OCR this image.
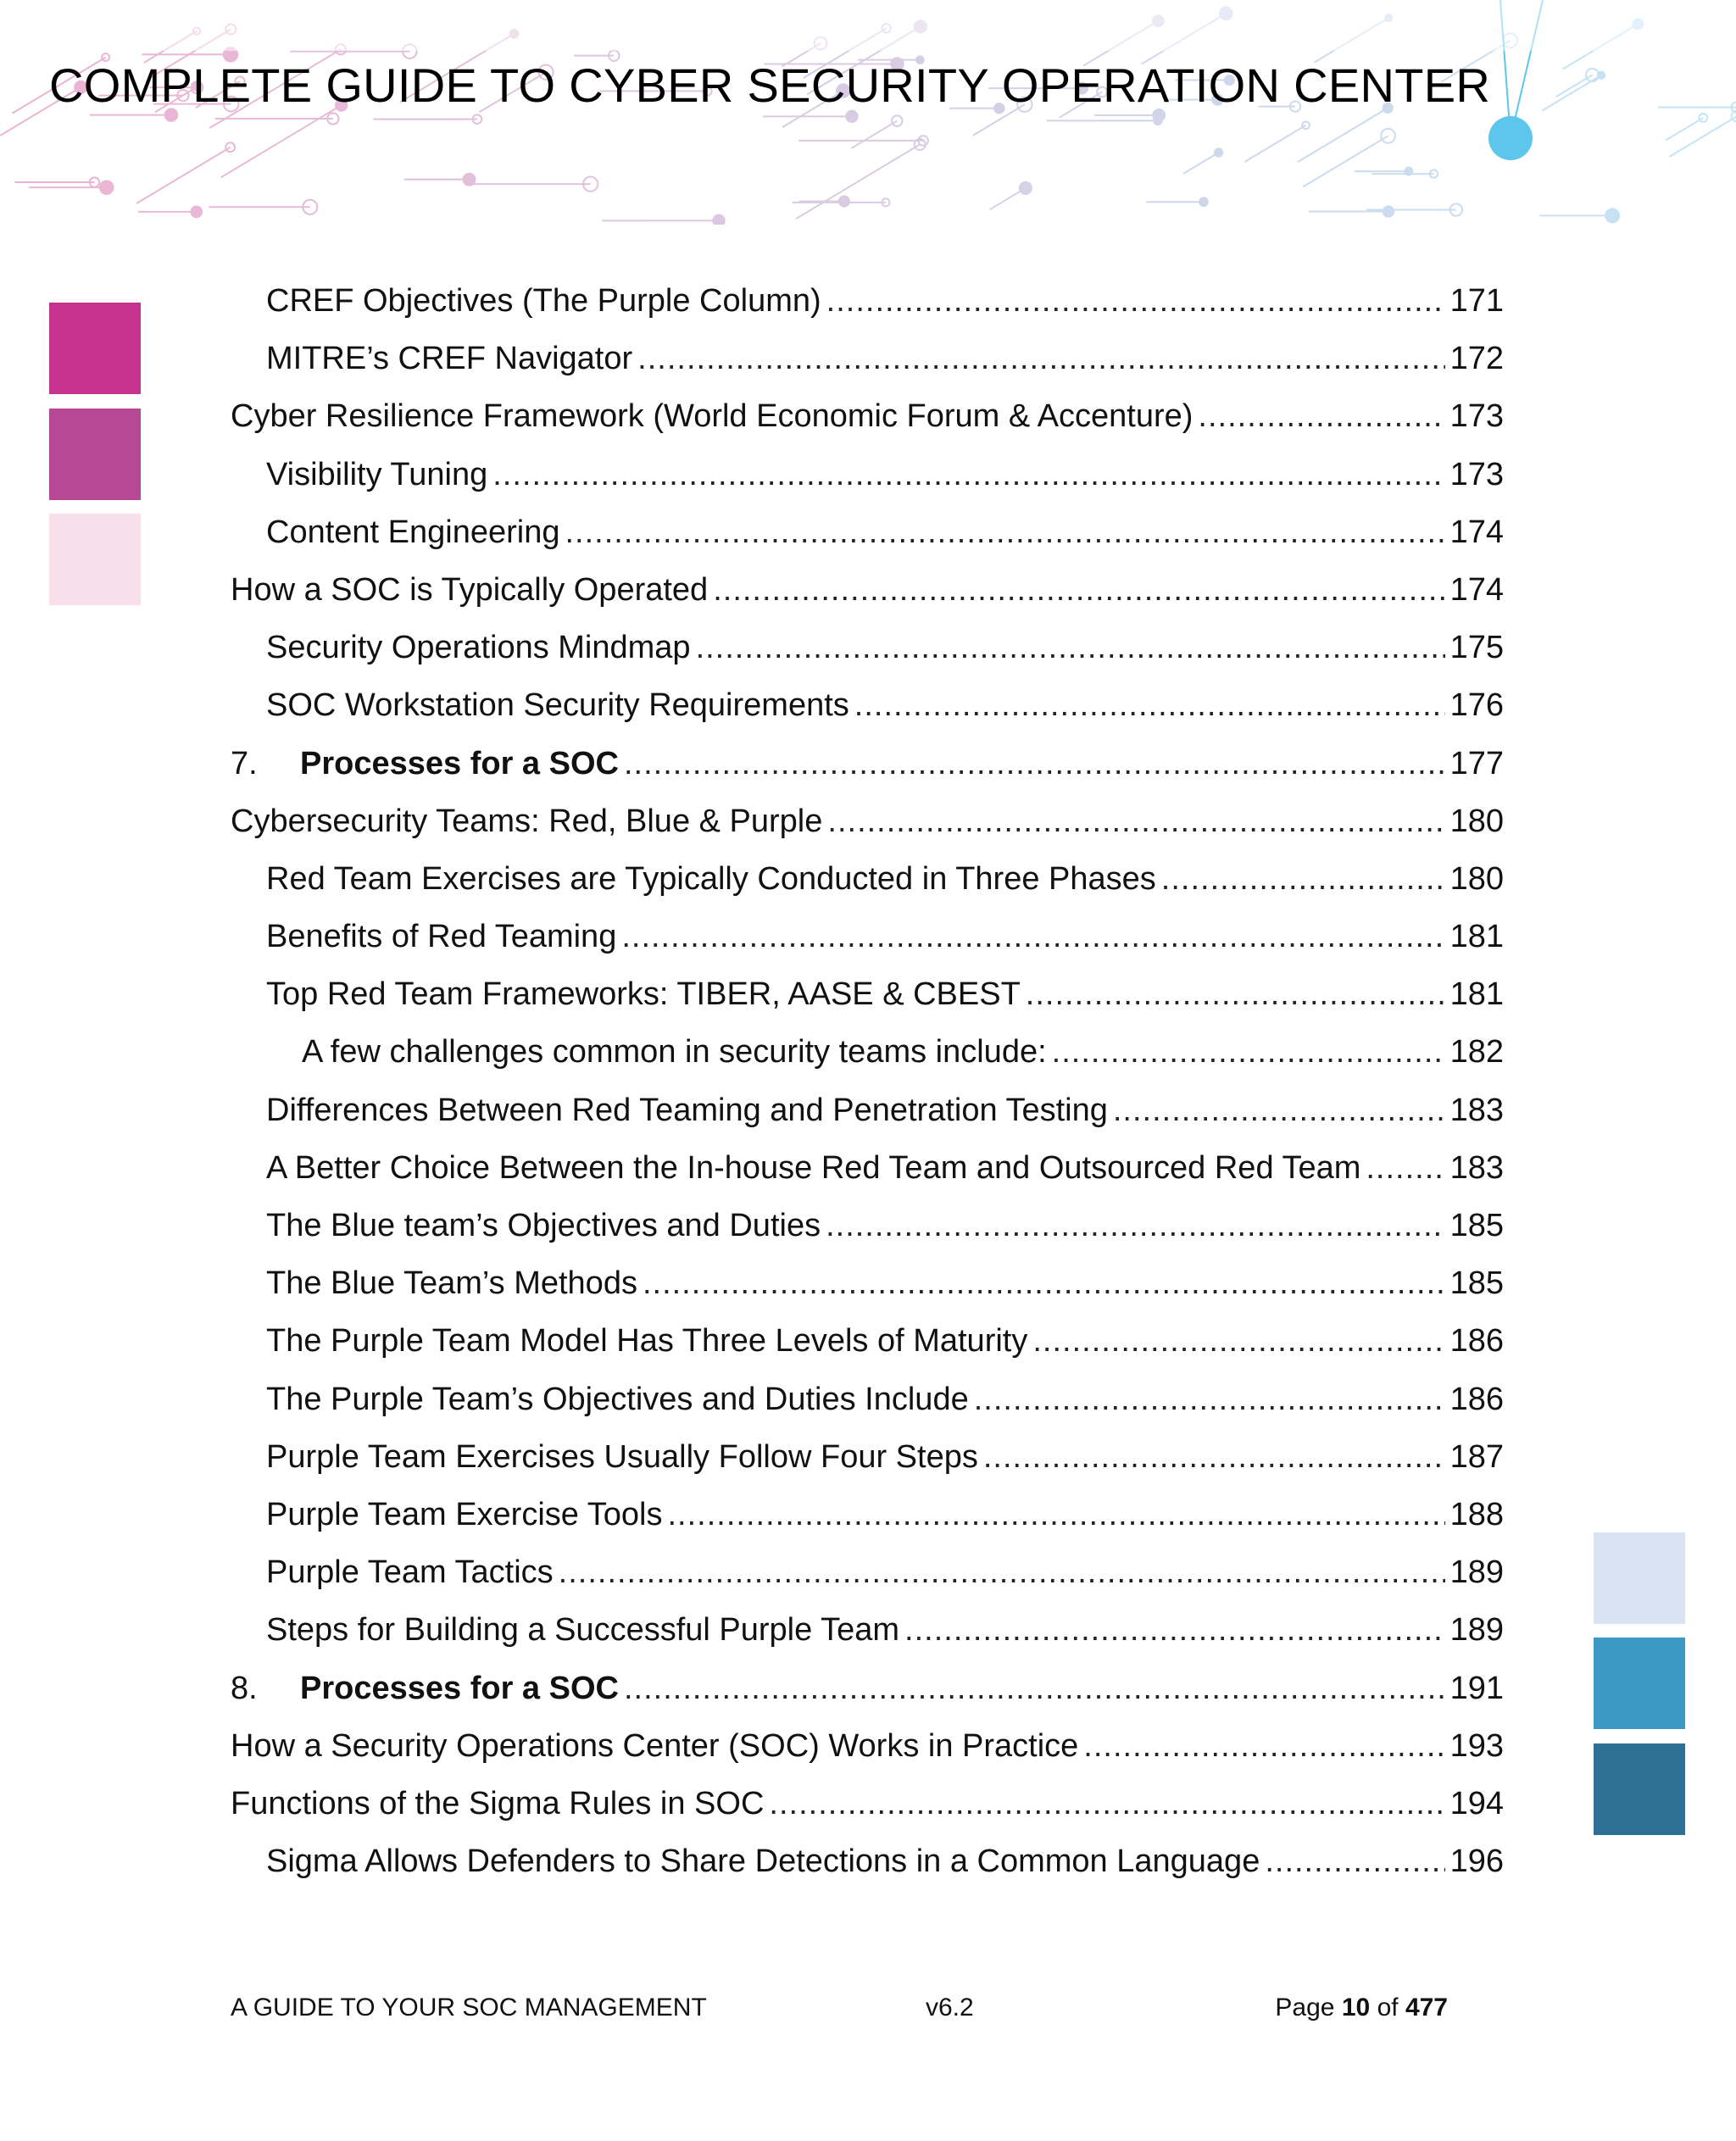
COMPLETE GUIDE TO CYBER SECURITY OPERATION CENTER
CREF Objectives (The Purple Column) .....	171
MITRE’s CREF Navigator .....	172
Cyber Resilience Framework (World Economic Forum & Accenture) .....	173
Visibility Tuning .....	173
Content Engineering .....	174
How a SOC is Typically Operated .....	174
Security Operations Mindmap .....	175
SOC Workstation Security Requirements .....	176
7.	Processes for a SOC .....	177
Cybersecurity Teams: Red, Blue & Purple .....	180
Red Team Exercises are Typically Conducted in Three Phases .....	180
Benefits of Red Teaming .....	181
Top Red Team Frameworks: TIBER, AASE & CBEST .....	181
A few challenges common in security teams include: .....	182
Differences Between Red Teaming and Penetration Testing .....	183
A Better Choice Between the In-house Red Team and Outsourced Red Team .....	183
The Blue team’s Objectives and Duties .....	185
The Blue Team’s Methods .....	185
The Purple Team Model Has Three Levels of Maturity .....	186
The Purple Team’s Objectives and Duties Include .....	186
Purple Team Exercises Usually Follow Four Steps .....	187
Purple Team Exercise Tools .....	188
Purple Team Tactics .....	189
Steps for Building a Successful Purple Team .....	189
8.	Processes for a SOC .....	191
How a Security Operations Center (SOC) Works in Practice .....	193
Functions of the Sigma Rules in SOC .....	194
Sigma Allows Defenders to Share Detections in a Common Language .....	196
A GUIDE TO YOUR SOC MANAGEMENT	v6.2	Page 10 of 477
